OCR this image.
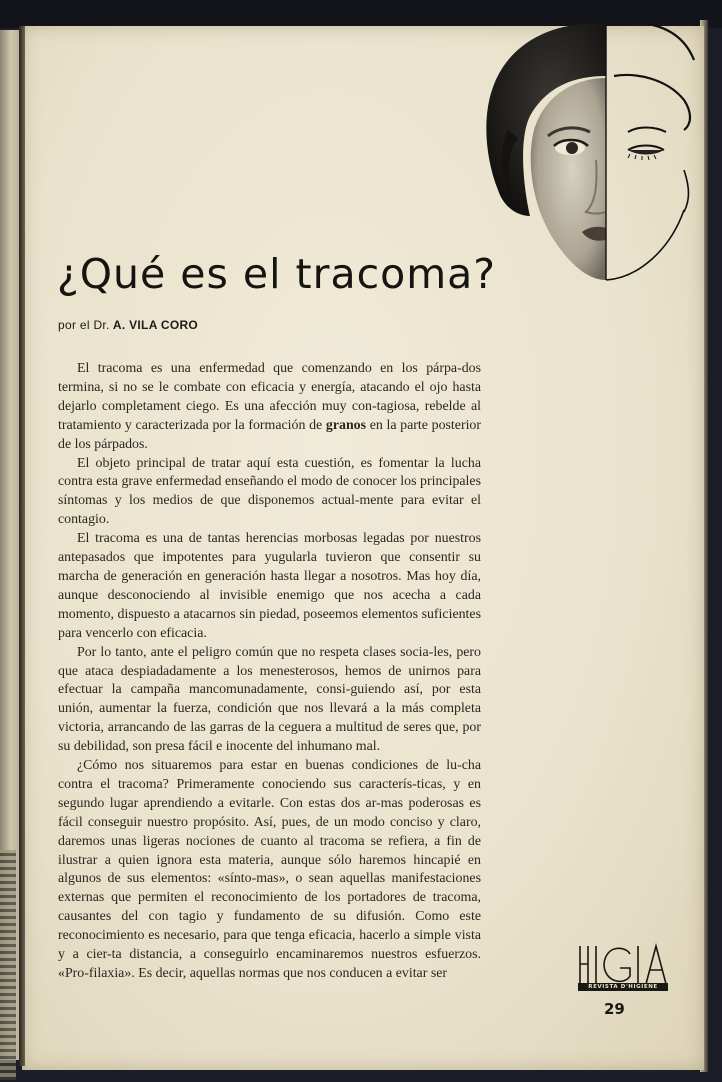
¿Qué es el tracoma?
por el Dr. A. VILA CORO

El tracoma es una enfermedad que comenzando en los párpa-dos termina, si no se le combate con eficacia y energía, atacando el ojo hasta dejarlo completament ciego. Es una afección muy con-tagiosa, rebelde al tratamiento y caracterizada por la formación de granos en la parte posterior de los párpados.

El objeto principal de tratar aquí esta cuestión, es fomentar la lucha contra esta grave enfermedad enseñando el modo de conocer los principales síntomas y los medios de que disponemos actual-mente para evitar el contagio.

El tracoma es una de tantas herencias morbosas legadas por nuestros antepasados que impotentes para yugularla tuvieron que consentir su marcha de generación en generación hasta llegar a nosotros. Mas hoy día, aunque desconociendo al invisible enemigo que nos acecha a cada momento, dispuesto a atacarnos sin piedad, poseemos elementos suficientes para vencerlo con eficacia.

Por lo tanto, ante el peligro común que no respeta clases socia-les, pero que ataca despiadadamente a los menesterosos, hemos de unirnos para efectuar la campaña mancomunadamente, consi-guiendo así, por esta unión, aumentar la fuerza, condición que nos llevará a la más completa victoria, arrancando de las garras de la ceguera a multitud de seres que, por su debilidad, son presa fácil e inocente del inhumano mal.

¿Cómo nos situaremos para estar en buenas condiciones de lu-cha contra el tracoma? Primeramente conociendo sus caracterís-ticas, y en segundo lugar aprendiendo a evitarle. Con estas dos ar-mas poderosas es fácil conseguir nuestro propósito. Así, pues, de un modo conciso y claro, daremos unas ligeras nociones de cuanto al tracoma se refiera, a fin de ilustrar a quien ignora esta materia, aunque sólo haremos hincapié en algunos de sus elementos: «sínto-mas», o sean aquellas manifestaciones externas que permiten el reconocimiento de los portadores de tracoma, causantes del con tagio y fundamento de su difusión. Como este reconocimiento es necesario, para que tenga eficacia, hacerlo a simple vista y a cier-ta distancia, a conseguirlo encaminaremos nuestros esfuerzos. «Pro-filaxia». Es decir, aquellas normas que nos conducen a evitar ser

REVISTA D'HIGIENE
29
